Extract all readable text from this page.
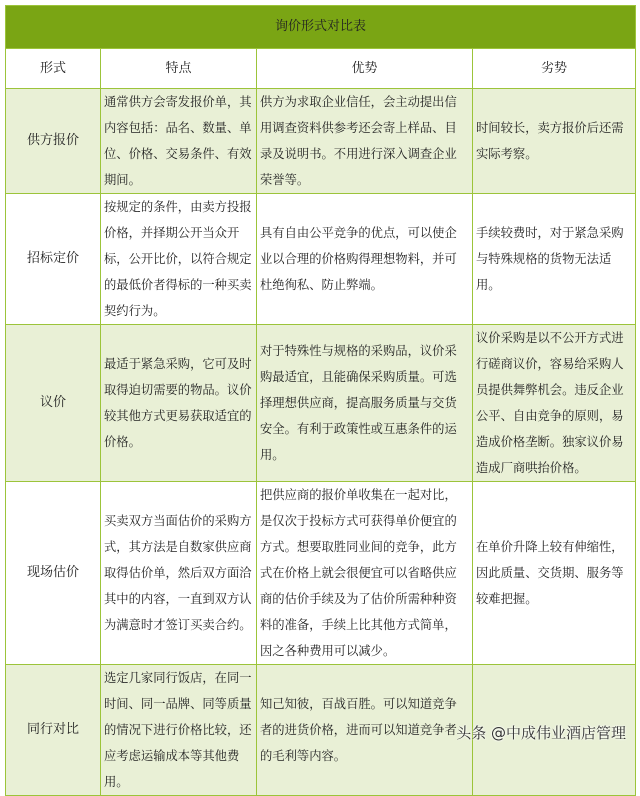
询价形式对比表			
形式	特点	优势	劣势
供方报价	通常供方会寄发报价单，其内容包括：品名、数量、单位、价格、交易条件、有效期间。	供方为求取企业信任，会主动提出信用调查资料供参考还会寄上样品、目录及说明书。不用进行深入调查企业荣誉等。	时间较长，卖方报价后还需实际考察。
招标定价	按规定的条件，由卖方投报价格，并择期公开当众开标，公开比价，以符合规定的最低价者得标的一种买卖契约行为。	具有自由公平竞争的优点，可以使企业以合理的价格购得理想物料，并可杜绝徇私、防止弊端。	手续较费时，对于紧急采购与特殊规格的货物无法适用。
议价	最适于紧急采购，它可及时取得迫切需要的物品。议价较其他方式更易获取适宜的价格。	对于特殊性与规格的采购品，议价采购最适宜，且能确保采购质量。可选择理想供应商，提高服务质量与交货安全。有利于政策性或互惠条件的运用。	议价采购是以不公开方式进行磋商议价，容易给采购人员提供舞弊机会。违反企业公平、自由竞争的原则，易造成价格垄断。独家议价易造成厂商哄抬价格。
现场估价	买卖双方当面估价的采购方式，其方法是自数家供应商取得估价单，然后双方面洽其中的内容，一直到双方认为满意时才签订买卖合约。	把供应商的报价单收集在一起对比，是仅次于投标方式可获得单价便宜的方式。想要取胜同业间的竞争，此方式在价格上就会很便宜可以省略供应商的估价手续及为了估价所需种种资料的准备，手续上比其他方式简单，因之各种费用可以减少。	在单价升降上较有伸缩性，因此质量、交货期、服务等较难把握。
同行对比	选定几家同行饭店，在同一时间、同一品牌、同等质量的情况下进行价格比较，还应考虑运输成本等其他费用。	知己知彼，百战百胜。可以知道竞争者的进货价格，进而可以知道竞争者的毛利等内容。	
头条 @中成伟业酒店管理
